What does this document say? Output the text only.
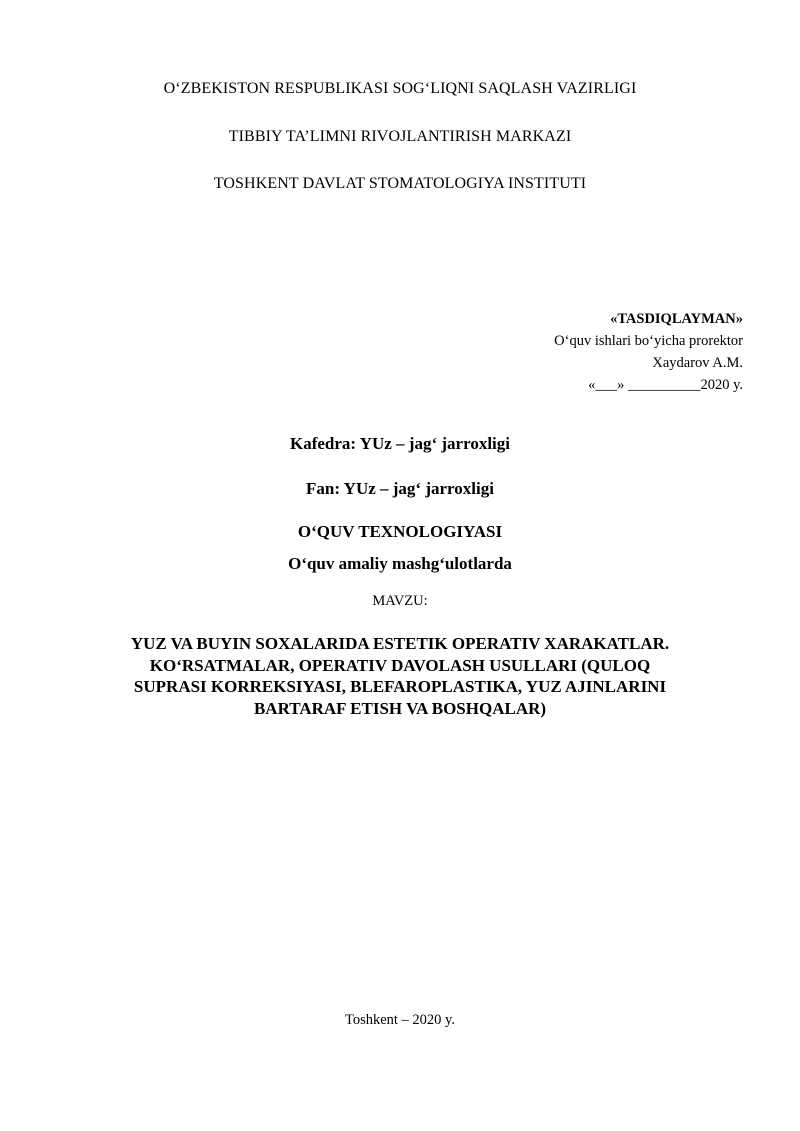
O‘ZBEKISTON RESPUBLIKASI SOG‘LIQNI SAQLASH VAZIRLIGI
TIBBIY TA’LIMNI RIVOJLANTIRISH MARKAZI
TOSHKENT DAVLAT STOMATOLOGIYA INSTITUTI
«TASDIQLAYMAN»
O‘quv ishlari bo‘yicha prorektor
Xaydarov A.M.
«___» __________2020 y.
Kafedra: YUz – jag‘ jarroxligi
Fan: YUz – jag‘ jarroxligi
O‘QUV TEXNOLOGIYASI
O‘quv amaliy mashg‘ulotlarda
MAVZU:
YUZ VA BUYIN SOXALARIDA ESTETIK OPERATIV XARAKATLAR.
KO‘RSATMALAR, OPERATIV DAVOLASH USULLARI (QULOQ
SUPRASI KORREKSIYASI, BLEFAROPLASTIKA, YUZ AJINLARINI
BARTARAF ETISH VA BOSHQALAR)
Toshkent – 2020 y.
